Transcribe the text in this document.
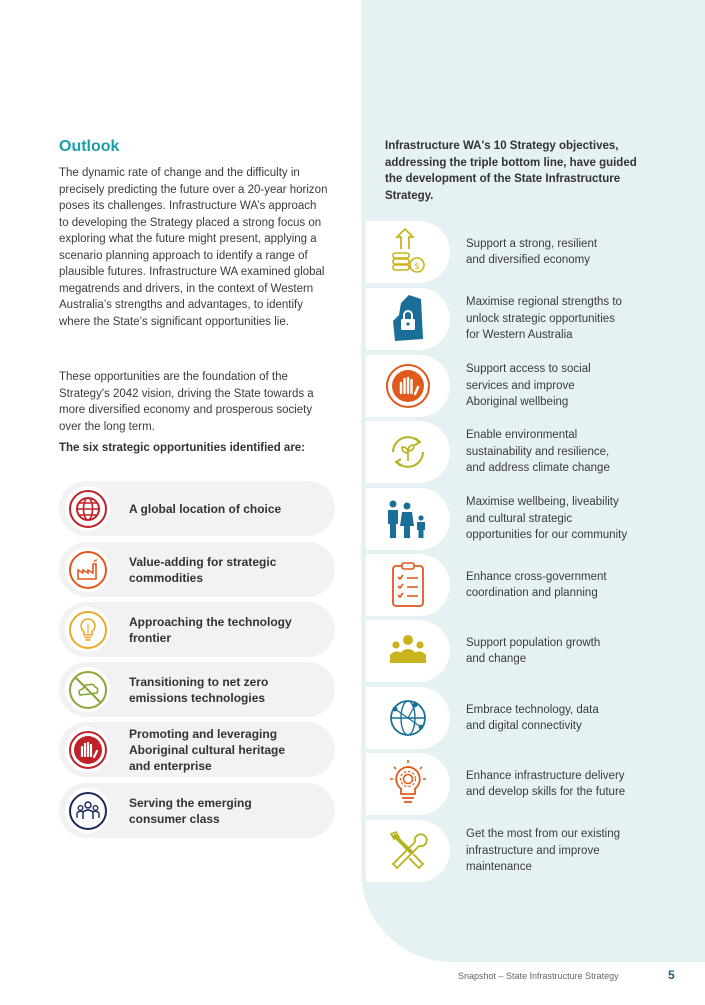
Outlook

The dynamic rate of change and the difficulty in precisely predicting the future over a 20-year horizon poses its challenges. Infrastructure WA’s approach to developing the Strategy placed a strong focus on exploring what the future might present, applying a scenario planning approach to identify a range of plausible futures. Infrastructure WA examined global megatrends and drivers, in the context of Western Australia’s strengths and advantages, to identify where the State’s significant opportunities lie.

These opportunities are the foundation of the Strategy's 2042 vision, driving the State towards a more diversified economy and prosperous society over the long term.

The six strategic opportunities identified are:

A global location of choice
Value-adding for strategic
commodities
Approaching the technology
frontier
Transitioning to net zero
emissions technologies
Promoting and leveraging
Aboriginal cultural heritage
and enterprise
Serving the emerging
consumer class

Infrastructure WA's 10 Strategy objectives, addressing the triple bottom line, have guided the development of the State Infrastructure Strategy.

$
Support a strong, resilient
and diversified economy
Maximise regional strengths to
unlock strategic opportunities
for Western Australia
Support access to social
services and improve
Aboriginal wellbeing
Enable environmental
sustainability and resilience,
and address climate change
Maximise wellbeing, liveability
and cultural strategic
opportunities for our community
Enhance cross-government
coordination and planning
Support population growth
and change
Embrace technology, data
and digital connectivity
Enhance infrastructure delivery
and develop skills for the future
Get the most from our existing
infrastructure and improve
maintenance
Snapshot – State Infrastructure Strategy	5
